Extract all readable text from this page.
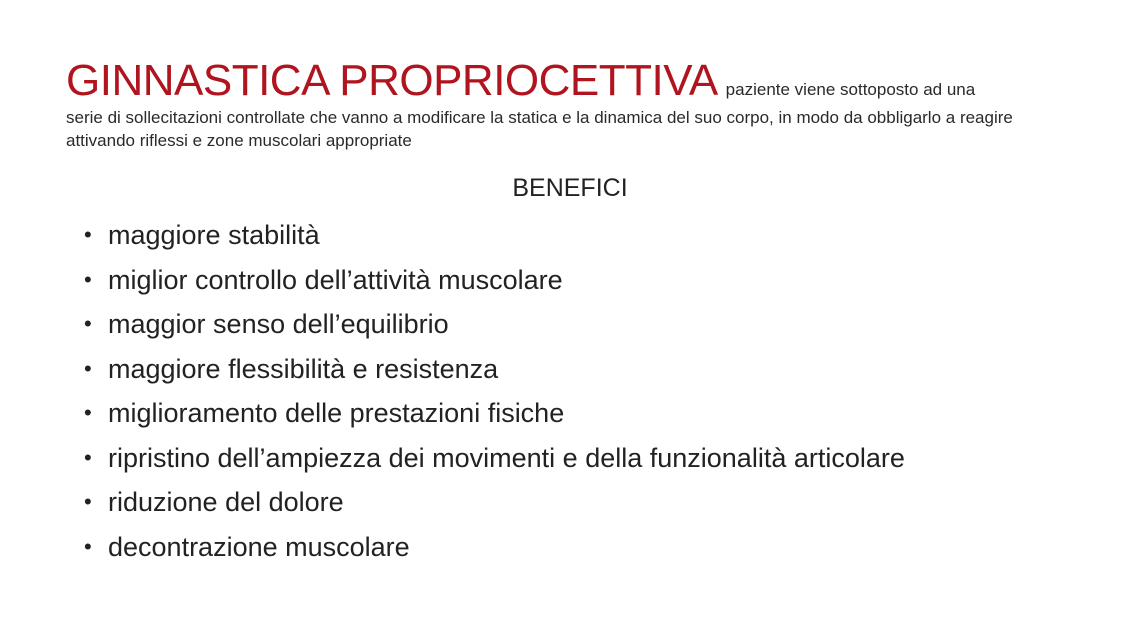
GINNASTICA PROPRIOCETTIVA paziente viene sottoposto ad una serie di sollecitazioni controllate che vanno a modificare la statica e la dinamica del suo corpo, in modo da obbligarlo a reagire attivando riflessi e zone muscolari appropriate
BENEFICI
• maggiore stabilità
• miglior controllo dell’attività muscolare
• maggior senso dell’equilibrio
• maggiore flessibilità e resistenza
• miglioramento delle prestazioni fisiche
• ripristino dell’ampiezza dei movimenti e della funzionalità articolare
• riduzione del dolore
• decontrazione muscolare
